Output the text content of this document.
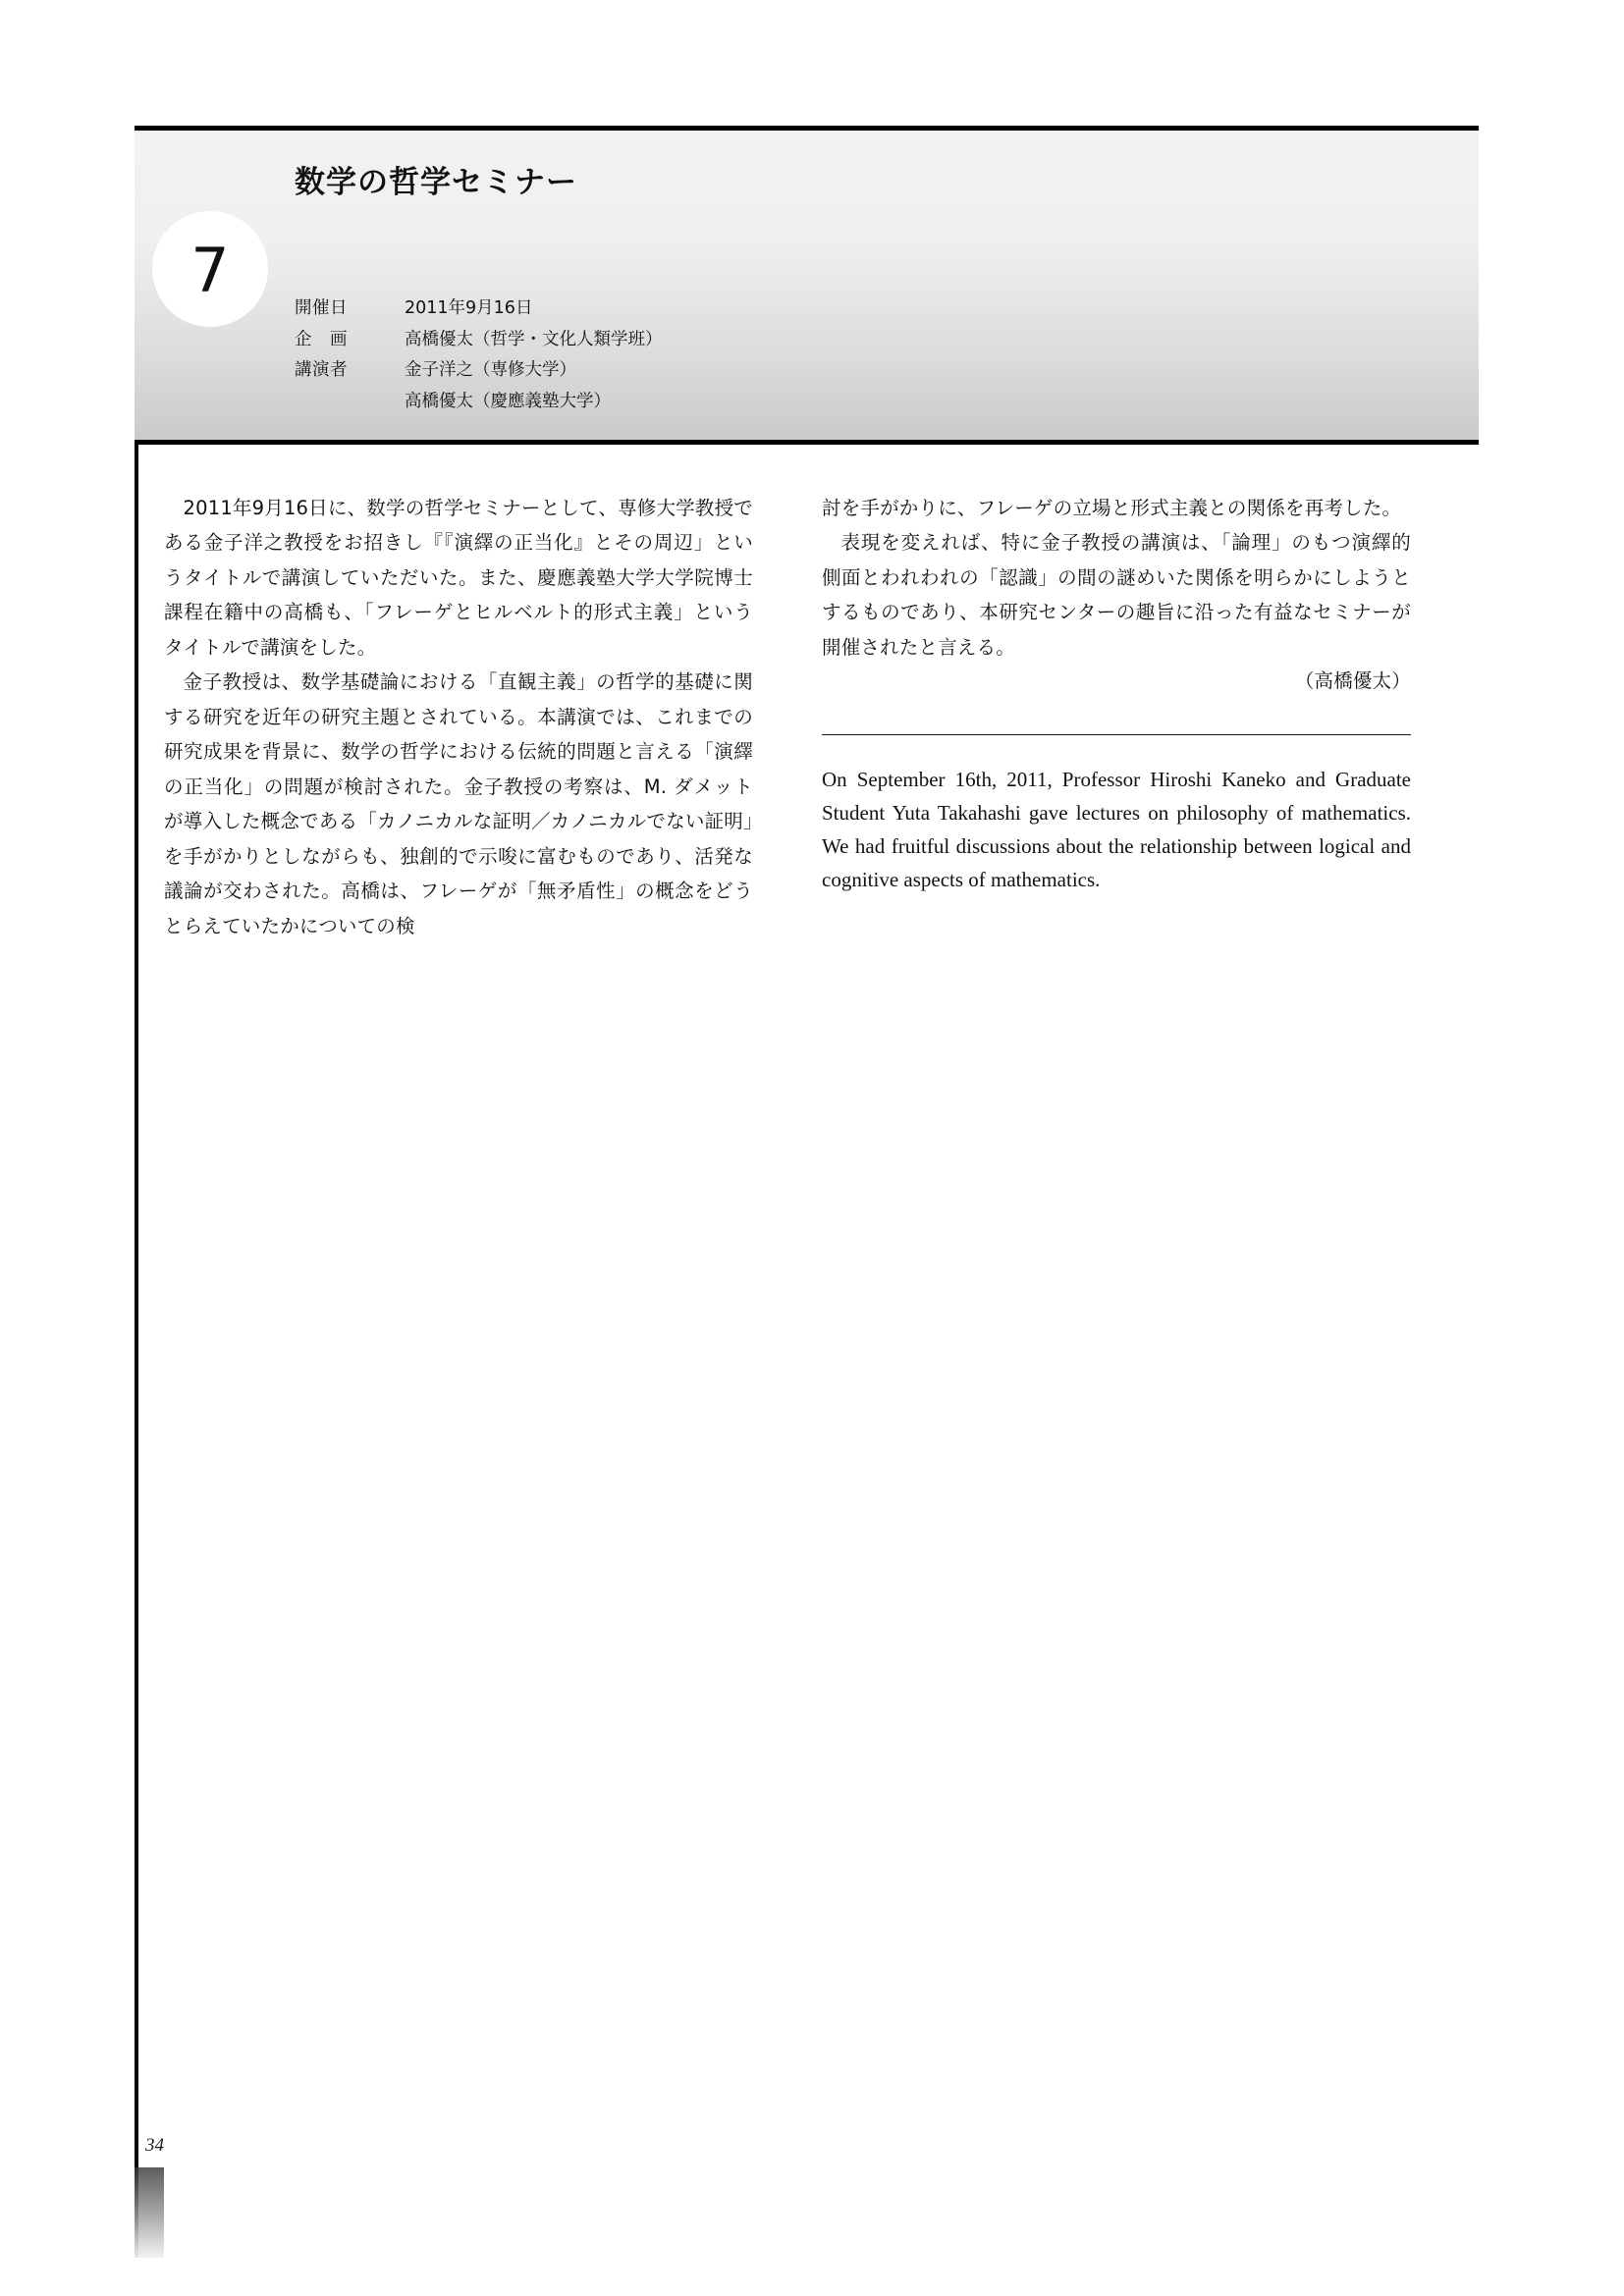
数学の哲学セミナー
7
開催日	2011年9月16日
企　画	高橋優太（哲学・文化人類学班）
講演者	金子洋之（専修大学）
	高橋優太（慶應義塾大学）

2011年9月16日に、数学の哲学セミナーとして、専修大学教授である金子洋之教授をお招きし『『演繹の正当化』とその周辺」というタイトルで講演していただいた。また、慶應義塾大学大学院博士課程在籍中の高橋も、「フレーゲとヒルベルト的形式主義」というタイトルで講演をした。

金子教授は、数学基礎論における「直観主義」の哲学的基礎に関する研究を近年の研究主題とされている。本講演では、これまでの研究成果を背景に、数学の哲学における伝統的問題と言える「演繹の正当化」の問題が検討された。金子教授の考察は、M. ダメットが導入した概念である「カノニカルな証明／カノニカルでない証明」を手がかりとしながらも、独創的で示唆に富むものであり、活発な議論が交わされた。高橋は、フレーゲが「無矛盾性」の概念をどうとらえていたかについての検

討を手がかりに、フレーゲの立場と形式主義との関係を再考した。

表現を変えれば、特に金子教授の講演は、「論理」のもつ演繹的側面とわれわれの「認識」の間の謎めいた関係を明らかにしようとするものであり、本研究センターの趣旨に沿った有益なセミナーが開催されたと言える。

（高橋優太）

On September 16th, 2011, Professor Hiroshi Kaneko and Graduate Student Yuta Takahashi gave lectures on philosophy of mathematics. We had fruitful discussions about the relationship between logical and cognitive aspects of mathematics.

34
